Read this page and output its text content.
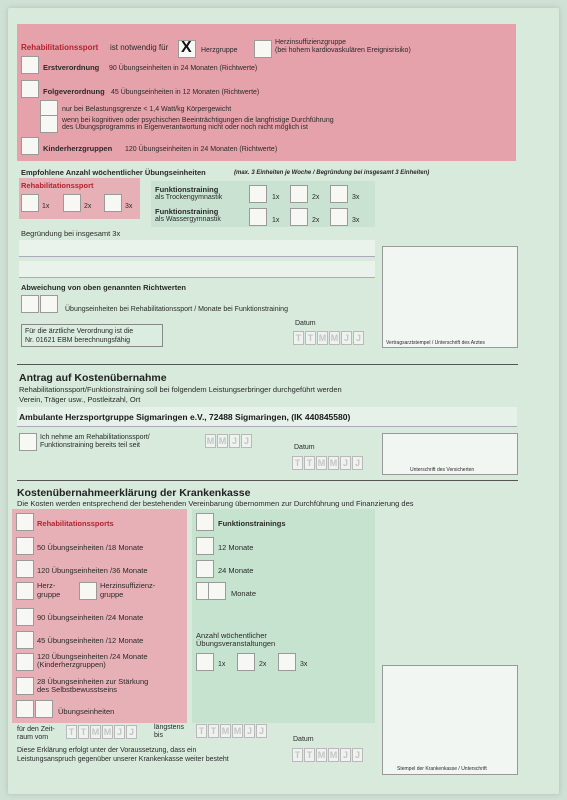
Rehabilitationssport ist notwendig für X Herzgruppe
Herzinsuffizienzgruppe
(bei hohem kardiovaskulären Ereignisrisiko)
Erstverordnung 90 Übungseinheiten in 24 Monaten (Richtwerte)
Folgeverordnung 45 Übungseinheiten in 12 Monaten (Richtwerte)
nur bei Belastungsgrenze < 1,4 Watt/kg Körpergewicht
wenn bei kognitiven oder psychischen Beeinträchtigungen die langfristige Durchführung
des Übungsprogramms in Eigenverantwortung nicht oder noch nicht möglich ist
Kinderherzgruppen 120 Übungseinheiten in 24 Monaten (Richtwerte)
Empfohlene Anzahl wöchentlicher Übungseinheiten	(max. 3 Einheiten je Woche / Begründung bei insgesamt 3 Einheiten)
Rehabilitationssport
1x	2x	3x
Funktionstraining
als Trockengymnastik	1x	2x	3x
Funktionstraining
als Wassergymnastik	1x	2x	3x
Begründung bei insgesamt 3x
Abweichung von oben genannten Richtwerten
Übungseinheiten bei Rehabilitationssport / Monate bei Funktionstraining
Für die ärztliche Verordnung ist die
Nr. 01621 EBM berechnungsfähig
Datum
T T M M J J	Vertragsarztstempel / Unterschrift des Arztes
Antrag auf Kostenübernahme
Rehabilitationssport/Funktionstraining soll bei folgendem Leistungserbringer durchgeführt werden
Verein, Träger usw., Postleitzahl, Ort
Ambulante Herzsportgruppe Sigmaringen e.V., 72488 Sigmaringen, (IK 440845580)
Ich nehme am Rehabilitationssport/
Funktionstraining bereits teil seit	M M J J
Datum
T T M M J J
Unterschrift des Versicherten
Kostenübernahmeerklärung der Krankenkasse
Die Kosten werden entsprechend der bestehenden Vereinbarung übernommen zur Durchführung und Finanzierung des
Rehabilitationssports
50 Übungseinheiten /18 Monate
120 Übungseinheiten /36 Monate
Herz-
gruppe
Herzinsuffizienz-
gruppe
90 Übungseinheiten /24 Monate
45 Übungseinheiten /12 Monate
120 Übungseinheiten /24 Monate
(Kinderherzgruppen)
28 Übungseinheiten zur Stärkung
des Selbstbewusstseins
Übungseinheiten
Funktionstrainings
12 Monate
24 Monate
Monate
Anzahl wöchentlicher
Übungsveranstaltungen
1x	2x	3x
für den Zeit-
raum vom
T T M M J J	längstens
bis	T T M M J J
Datum
T T M M J J
Diese Erklärung erfolgt unter der Voraussetzung, dass ein
Leistungsanspruch gegenüber unserer Krankenkasse weiter besteht
Stempel der Krankenkasse / Unterschrift
